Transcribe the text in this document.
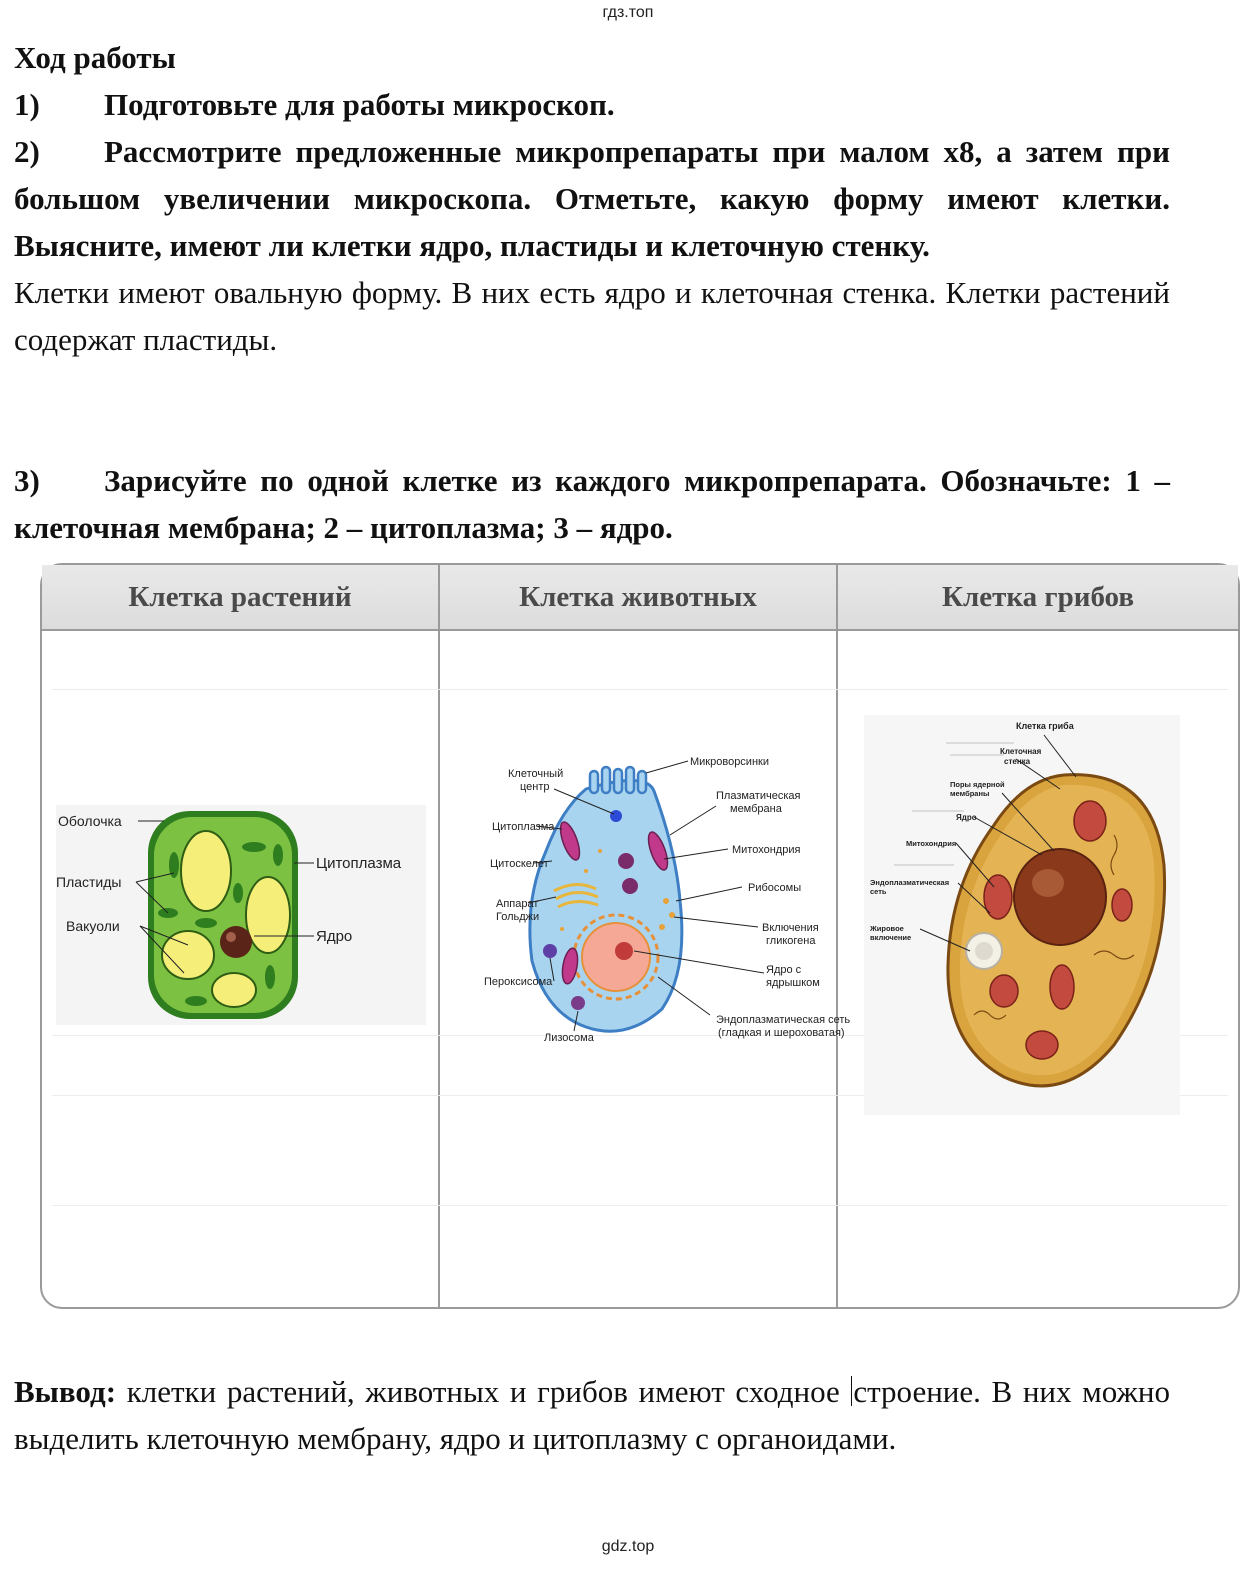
гдз.топ
Ход работы
1) Подготовьте для работы микроскоп.
2) Рассмотрите предложенные микропрепараты при малом х8, а затем при большом увеличении микроскопа. Отметьте, какую форму имеют клетки. Выясните, имеют ли клетки ядро, пластиды и клеточную стенку.
Клетки имеют овальную форму. В них есть ядро и клеточная стенка. Клетки растений содержат пластиды.
3) Зарисуйте по одной клетке из каждого микропрепарата. Обозначьте: 1 – клеточная мембрана; 2 – цитоплазма; 3 – ядро.
Клетка растений	Клетка животных	Клетка грибов
Оболочка
Пластиды
Вакуоли
Цитоплазма
Ядро
Клеточный
центр
Цитоплазма
Цитоскелет
Аппарат
Гольджи
Пероксисома
Лизосома
Микроворсинки
Плазматическая
мембрана
Митохондрия
Рибосомы
Включения
гликогена
Ядро с
ядрышком
Эндоплазматическая сеть
(гладкая и шероховатая)
Клетка гриба
Клеточная
стенка
Поры ядерной
мембраны
Ядро
Митохондрия
Эндоплазматическая
сеть
Жировое
включение
Вывод: клетки растений, животных и грибов имеют сходное строение. В них можно выделить клеточную мембрану, ядро и цитоплазму с органоидами.
gdz.top
